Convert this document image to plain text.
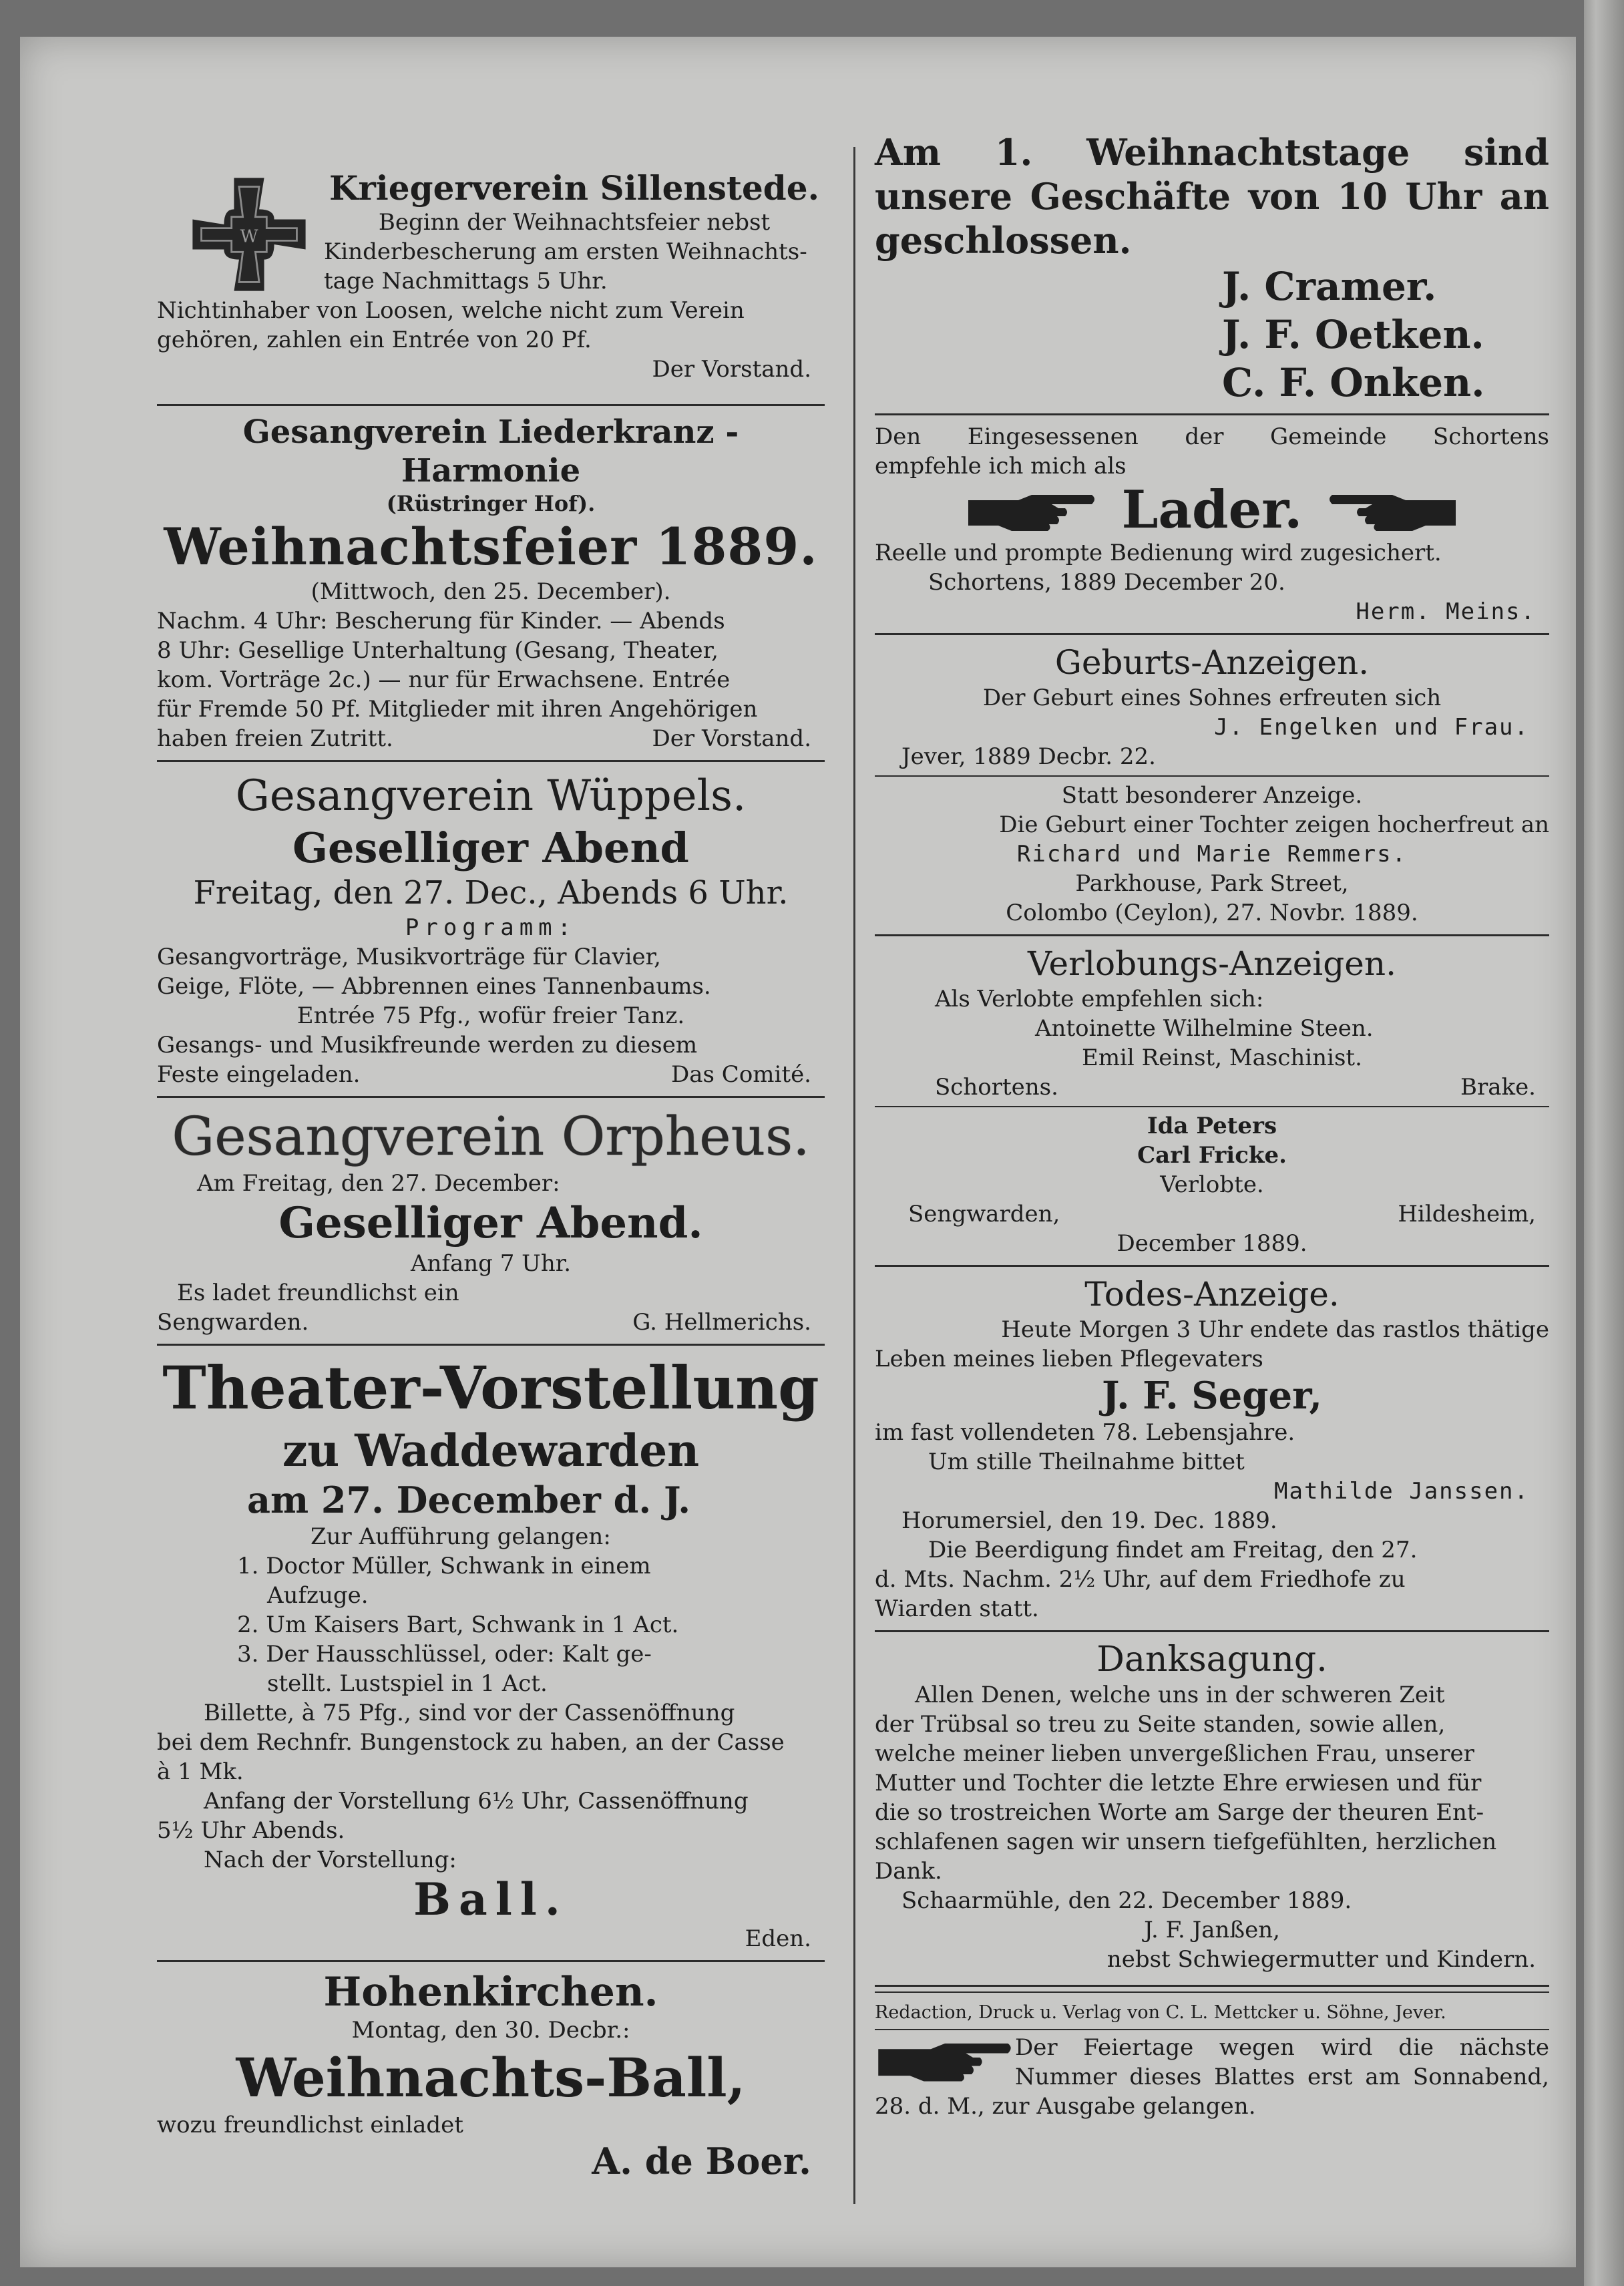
W
Kriegerverein Sillenstede.
Beginn der Weihnachtsfeier nebst
Kinderbescherung am ersten Weihnachts-
tage Nachmittags 5 Uhr.
Nichtinhaber von Loosen, welche nicht zum Verein
gehören, zahlen ein Entrée von 20 Pf.
Der Vorstand.
Gesangverein Liederkranz - Harmonie
(Rüstringer Hof).
Weihnachtsfeier 1889.
(Mittwoch, den 25. December).
Nachm. 4 Uhr: Bescherung für Kinder. — Abends
8 Uhr: Gesellige Unterhaltung (Gesang, Theater,
kom. Vorträge 2c.) — nur für Erwachsene. Entrée
für Fremde 50 Pf. Mitglieder mit ihren Angehörigen
haben freien Zutritt.	Der Vorstand.
Gesangverein Wüppels.
Geselliger Abend
Freitag, den 27. Dec., Abends 6 Uhr.
Programm:
Gesangvorträge, Musikvorträge für Clavier,
Geige, Flöte, — Abbrennen eines Tannenbaums.
Entrée 75 Pfg., wofür freier Tanz.
Gesangs- und Musikfreunde werden zu diesem
Feste eingeladen.	Das Comité.
Gesangverein Orpheus.
Am Freitag, den 27. December:
Geselliger Abend.
Anfang 7 Uhr.
Es ladet freundlichst ein
Sengwarden.	G. Hellmerichs.
Theater-Vorstellung
zu Waddewarden
am 27. December d. J.
Zur Aufführung gelangen:
1. Doctor Müller, Schwank in einem
Aufzuge.
2. Um Kaisers Bart, Schwank in 1 Act.
3. Der Hausschlüssel, oder: Kalt ge-
stellt. Lustspiel in 1 Act.
Billette, à 75 Pfg., sind vor der Cassenöffnung
bei dem Rechnfr. Bungenstock zu haben, an der Casse
à 1 Mk.
Anfang der Vorstellung 6½ Uhr, Cassenöffnung
5½ Uhr Abends.
Nach der Vorstellung:
Ball.
Eden.
Hohenkirchen.
Montag, den 30. Decbr.:
Weihnachts-Ball,
wozu freundlichst einladet
A. de Boer.
Am 1. Weihnachtstage sind
unsere Geschäfte von 10 Uhr an
geschlossen.
J. Cramer.
J. F. Oetken.
C. F. Onken.
Den Eingesessenen der Gemeinde Schortens
empfehle ich mich als
Lader.
Reelle und prompte Bedienung wird zugesichert.
Schortens, 1889 December 20.
Herm. Meins.
Geburts-Anzeigen.
Der Geburt eines Sohnes erfreuten sich
J. Engelken und Frau.
Jever, 1889 Decbr. 22.
Statt besonderer Anzeige.
Die Geburt einer Tochter zeigen hocherfreut an
Richard und Marie Remmers.
Parkhouse, Park Street,
Colombo (Ceylon), 27. Novbr. 1889.
Verlobungs-Anzeigen.
Als Verlobte empfehlen sich:
Antoinette Wilhelmine Steen.
Emil Reinst, Maschinist.
Schortens.	Brake.
Ida Peters
Carl Fricke.
Verlobte.
Sengwarden,	Hildesheim,
December 1889.
Todes-Anzeige.
Heute Morgen 3 Uhr endete das rastlos thätige
Leben meines lieben Pflegevaters
J. F. Seger,
im fast vollendeten 78. Lebensjahre.
Um stille Theilnahme bittet
Mathilde Janssen.
Horumersiel, den 19. Dec. 1889.
Die Beerdigung findet am Freitag, den 27.
d. Mts. Nachm. 2½ Uhr, auf dem Friedhofe zu
Wiarden statt.
Danksagung.
Allen Denen, welche uns in der schweren Zeit
der Trübsal so treu zu Seite standen, sowie allen,
welche meiner lieben unvergeßlichen Frau, unserer
Mutter und Tochter die letzte Ehre erwiesen und für
die so trostreichen Worte am Sarge der theuren Ent-
schlafenen sagen wir unsern tiefgefühlten, herzlichen
Dank.
Schaarmühle, den 22. December 1889.
J. F. Janßen,
nebst Schwiegermutter und Kindern.
Redaction, Druck u. Verlag von C. L. Mettcker u. Söhne, Jever.
Der Feiertage wegen wird die nächste
Nummer dieses Blattes erst am Sonnabend,
28. d. M., zur Ausgabe gelangen.
